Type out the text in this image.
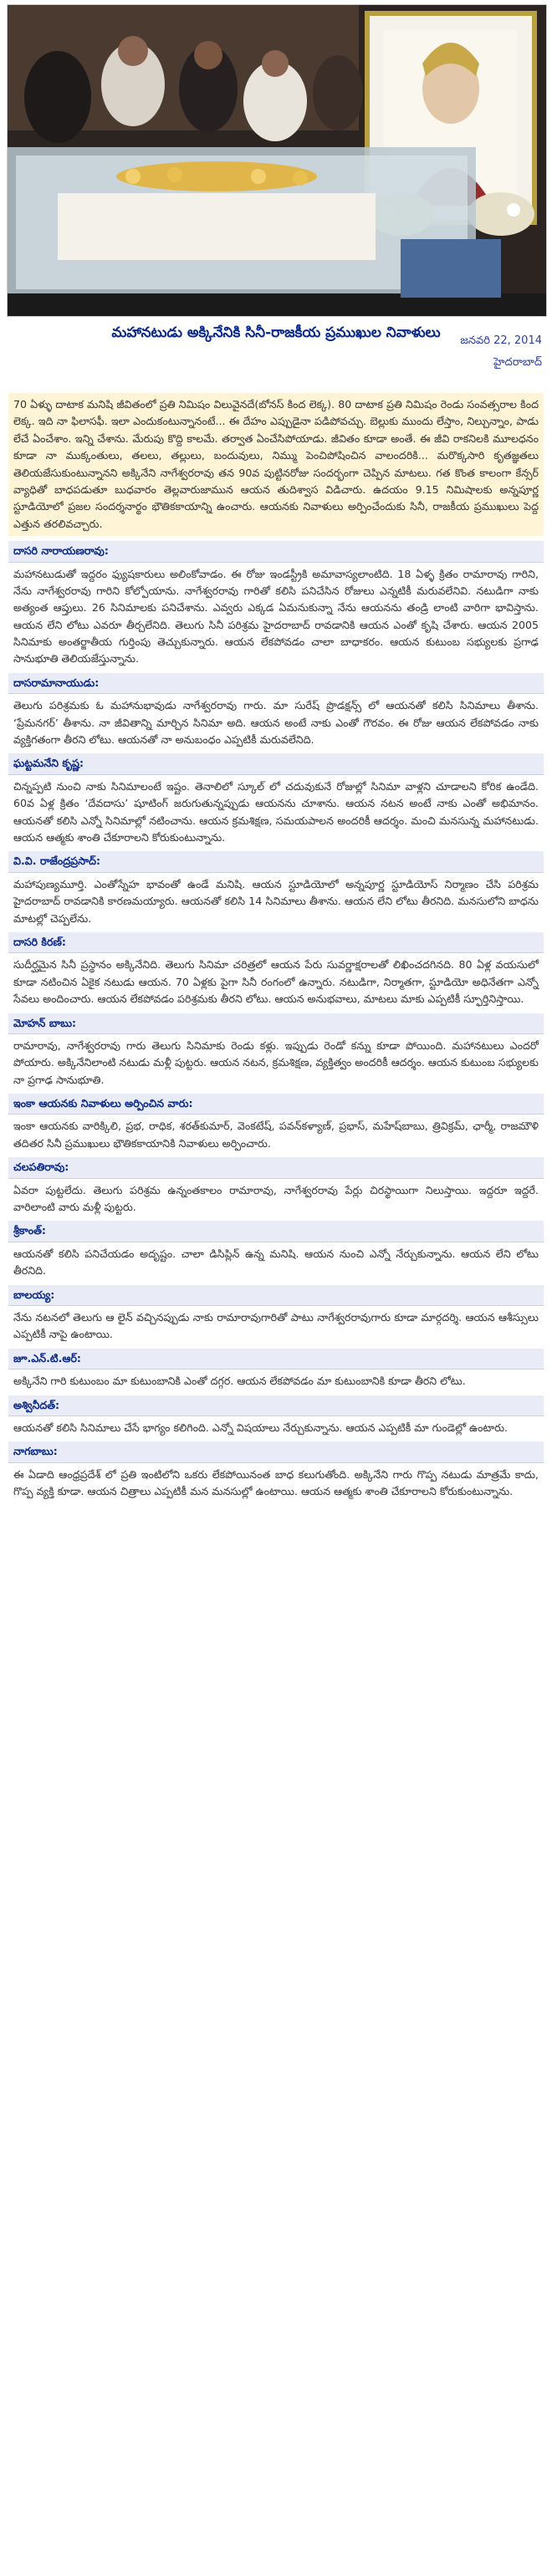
మహానటుడు అక్కినేనికి సినీ-రాజకీయ ప్రముఖుల నివాళులు	జనవరి 22, 2014
హైదరాబాద్

70 ఏళ్ళు దాటాక మనిషి జీవితంలో ప్రతి నిమిషం విలువైనదే(బోనస్‌ కింద లెక్క). 80 దాటాక ప్రతి నిమిషం రెండు సంవత్సరాల కింద లెక్క. ఇది నా ఫిలాసఫీ. ఇలా ఎందుకంటున్నానంటే... ఈ దేహం ఎప్పుడైనా పడిపోవచ్చు. బెల్లుకు ముందు లేస్తాం, నిల్చున్నాం, పాడు లేచే ఏంచేశాం. ఇన్ని చేశాను. మేరుపు కొద్ది కాలమే. తర్వాత ఏంచేసిపోయాడు. జీవితం కూడా అంతే. ఈ జీవి రాకనిలకి మూలధనం కూడా నా ముక్కంతులు, తలలు, తల్లులు, బందువులు, నిమ్ము పెంచిపోషించిన వాలందరికి... మరొక్కసారి కృతజ్ఞతలు తెలియజేసుకుంటున్నానని అక్కినేని నాగేశ్వరరావు తన 90వ పుట్టినరోజు సందర్భంగా చెప్పిన మాటలు. గత కొంత కాలంగా కేన్సర్ వ్యాధితో బాధపడుతూ బుధవారం తెల్లవారుజామున ఆయన తుదిశ్వాస విడిచారు. ఉదయం 9.15 నిమిషాలకు అన్నపూర్ణ స్టూడియోలో ప్రజల సందర్శనార్థం భౌతికకాయాన్ని ఉంచారు. ఆయనకు నివాళులు అర్పించేందుకు సినీ, రాజకీయ ప్రముఖులు పెద్ద ఎత్తున తరలివచ్చారు.

దాసరి నారాయణరావు:

మహానటుడుతో ఇద్దరం ఫ్యుషకారులు అలింకోవాడం. ఈ రోజు ఇండస్ట్రీకి అమావాస్యలాంటిది. 18 ఏళ్ళ క్రితం రామారావు గారిని, నేను నాగేశ్వరరావు గారిని కోల్పోయాను. నాగేశ్వరరావు గారితో కలిసి పనిచేసిన రోజులు ఎన్నటికీ మరువలేనివి. నటుడిగా నాకు అత్యంత ఆప్తులు. 26 సినిమాలకు పనిచేశాను. ఎవ్వరు ఎక్కడ ఏమనుకున్నా నేను ఆయనను తండ్రి లాంటి వారిగా భావిస్తాను. ఆయన లేని లోటు ఎవరూ తీర్చలేనిది. తెలుగు సినీ పరిశ్రమ హైదరాబాద్ రావడానికి ఆయన ఎంతో కృషి చేశారు. ఆయన 2005 సినిమాకు అంతర్జాతీయ గుర్తింపు తెచ్చుకున్నారు. ఆయన లేకపోవడం చాలా బాధాకరం. ఆయన కుటుంబ సభ్యులకు ప్రగాఢ సానుభూతి తెలియజేస్తున్నాను.

దాసరామానాయుడు:

తెలుగు పరిశ్రమకు ఓ మహానుభావుడు నాగేశ్వరరావు గారు. మా సురేష్ ప్రొడక్షన్స్ లో ఆయనతో కలిసి సినిమాలు తీశాను. ‘ప్రేమనగర్’ తీశాను. నా జీవితాన్ని మార్చిన సినిమా అది. ఆయన అంటే నాకు ఎంతో గౌరవం. ఈ రోజు ఆయన లేకపోవడం నాకు వ్యక్తిగతంగా తీరని లోటు. ఆయనతో నా అనుబంధం ఎప్పటికీ మరువలేనిది.

ఘట్టమనేని కృష్ణ:

చిన్నప్పటి నుంచి నాకు సినిమాలంటే ఇష్టం. తెనాలిలో స్కూల్ లో చదువుకునే రోజుల్లో సినిమా వాళ్లని చూడాలని కోరిక ఉండేది. 60వ ఏళ్ల క్రితం ‘దేవదాసు’ షూటింగ్ జరుగుతున్నప్పుడు ఆయనను చూశాను. ఆయన నటన అంటే నాకు ఎంతో అభిమానం. ఆయనతో కలిసి ఎన్నో సినిమాల్లో నటించాను. ఆయన క్రమశిక్షణ, సమయపాలన అందరికీ ఆదర్శం. మంచి మనసున్న మహానటుడు. ఆయన ఆత్మకు శాంతి చేకూరాలని కోరుకుంటున్నాను.

వి.వి. రాజేంద్రప్రసాద్:

మహాపుణ్యమూర్తి. ఎంతోస్నేహ భావంతో ఉండే మనిషి. ఆయన స్టూడియోలో అన్నపూర్ణ స్టూడియోస్ నిర్మాణం చేసి పరిశ్రమ హైదరాబాద్ రావడానికి కారణమయ్యారు. ఆయనతో కలిసి 14 సినిమాలు తీశాను. ఆయన లేని లోటు తీరనిది. మనసులోని బాధను మాటల్లో చెప్పలేను.

దాసరి కిరణ్:

సుదీర్ఘమైన సినీ ప్రస్థానం అక్కినేనిది. తెలుగు సినిమా చరిత్రలో ఆయన పేరు సువర్ణాక్షరాలతో లిఖించదగినది. 80 ఏళ్ల వయసులో కూడా నటించిన ఏకైక నటుడు ఆయన. 70 ఏళ్లకు పైగా సినీ రంగంలో ఉన్నారు. నటుడిగా, నిర్మాతగా, స్టూడియో అధినేతగా ఎన్నో సేవలు అందించారు. ఆయన లేకపోవడం పరిశ్రమకు తీరని లోటు. ఆయన అనుభవాలు, మాటలు మాకు ఎప్పటికీ స్ఫూర్తినిస్తాయి.

మోహన్ బాబు:

రామారావు, నాగేశ్వరరావు గారు తెలుగు సినిమాకు రెండు కళ్లు. ఇప్పుడు రెండో కన్ను కూడా పోయింది. మహానటులు ఎందరో పోయారు. అక్కినేనిలాంటి నటుడు మళ్లీ పుట్టరు. ఆయన నటన, క్రమశిక్షణ, వ్యక్తిత్వం అందరికీ ఆదర్శం. ఆయన కుటుంబ సభ్యులకు నా ప్రగాఢ సానుభూతి.

ఇంకా ఆయనకు నివాళులు అర్పించిన వారు:

ఇంకా ఆయనకు వారిక్కిలి, ప్రభ, రాధిక, శరత్‌కుమార్, వెంకటేష్, పవన్‌కళ్యాణ్, ప్రభాస్, మహేష్‌బాబు, త్రివిక్రమ్, ఛార్మీ, రాజమౌళి తదితర సినీ ప్రముఖులు భౌతికకాయానికి నివాళులు అర్పించారు.

చలపతిరావు:

ఏవరా పుట్టలేదు. తెలుగు పరిశ్రమ ఉన్నంతకాలం రామారావు, నాగేశ్వరరావు పేర్లు చిరస్థాయిగా నిలుస్తాయి. ఇద్దరూ ఇద్దరే. వారిలాంటి వారు మళ్లీ పుట్టరు.

శ్రీకాంత్:

ఆయనతో కలిసి పనిచేయడం అదృష్టం. చాలా డిసిప్లిన్ ఉన్న మనిషి. ఆయన నుంచి ఎన్నో నేర్చుకున్నాను. ఆయన లేని లోటు తీరనిది.

బాలయ్య:

నేను నటనలో తెలుగు ఆ లైన్ వచ్చినప్పుడు నాకు రామారావుగారితో పాటు నాగేశ్వరరావుగారు కూడా మార్గదర్శి. ఆయన ఆశీస్సులు ఎప్పటికీ నాపై ఉంటాయి.

జూ.ఎన్.టి.ఆర్:

అక్కినేని గారి కుటుంబం మా కుటుంబానికి ఎంతో దగ్గర. ఆయన లేకపోవడం మా కుటుంబానికి కూడా తీరని లోటు.

అశ్వినీదత్:

ఆయనతో కలిసి సినిమాలు చేసే భాగ్యం కలిగింది. ఎన్నో విషయాలు నేర్చుకున్నాను. ఆయన ఎప్పటికీ మా గుండెల్లో ఉంటారు.

నాగబాబు:

ఈ ఏడాది ఆంధ్రప్రదేశ్ లో ప్రతి ఇంటిలోని ఒకరు లేకపోయినంత బాధ కలుగుతోంది. అక్కినేని గారు గొప్ప నటుడు మాత్రమే కాదు, గొప్ప వ్యక్తి కూడా. ఆయన చిత్రాలు ఎప్పటికీ మన మనసుల్లో ఉంటాయి. ఆయన ఆత్మకు శాంతి చేకూరాలని కోరుకుంటున్నాను.
